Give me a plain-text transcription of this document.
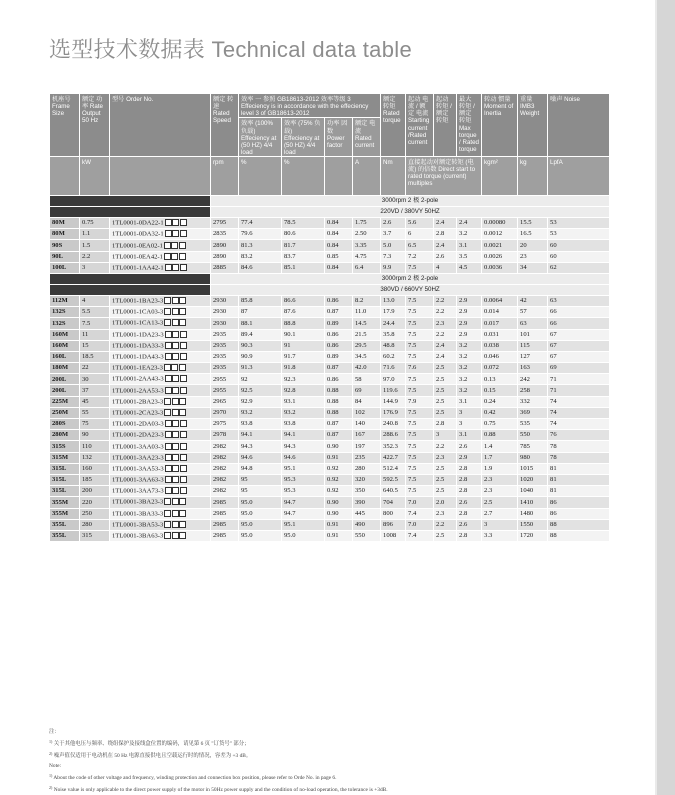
选型技术数据表 Technical data table
机座号 Frame Size	额定 功率 Rate Output 50 Hz	型号 Order No.	额定 转速 Rated Speed	效率 一 参照 GB18613-2012 效率等级 3 Effeciency is in accordance with the effeciency level 3 of GB18613-2012				额定 转矩 Rated torque	起动 电流 / 额定 电流 Starting current /Rated current	起动 转矩 / 额定 转矩	最大 转矩 / 额定 转矩 Max torque / Rated torque	转动 惯量 Moment of Inertia	重量 IMB3 Weight	噪声 Noise
				效率 (100% 负载) Effeciency at (50 HZ) 4/4 load	效率 (75% 负载) Effeciency at (50 HZ) 4/4 load	功率 因数 Power factor	额定 电流 Rated current							
	kW		rpm	%	%		A	Nm	直接起动对额定转矩 (电流) 的倍数 Direct start to rated torque (current) multiples			kgm²	kg	LpfA
			3000rpm 2 极 2-pole											
			220VD / 380VY 50HZ											
80M	0.75	1TL0001-0DA22-1	2795	77.4	78.5	0.84	1.75	2.6	5.6	2.4	2.4	0.00080	15.5	53
80M	1.1	1TL0001-0DA32-1	2835	79.6	80.6	0.84	2.50	3.7	6	2.8	3.2	0.0012	16.5	53
90S	1.5	1TL0001-0EA02-1	2890	81.3	81.7	0.84	3.35	5.0	6.5	2.4	3.1	0.0021	20	60
90L	2.2	1TL0001-0EA42-1	2890	83.2	83.7	0.85	4.75	7.3	7.2	2.6	3.5	0.0026	23	60
100L	3	1TL0001-1AA42-1	2885	84.6	85.1	0.84	6.4	9.9	7.5	4	4.5	0.0036	34	62
			3000rpm 2 极 2-pole											
			380VD / 660VY 50HZ											
112M	4	1TL0001-1BA23-3	2930	85.8	86.6	0.86	8.2	13.0	7.5	2.2	2.9	0.0064	42	63
132S	5.5	1TL0001-1CA03-3	2930	87	87.6	0.87	11.0	17.9	7.5	2.2	2.9	0.014	57	66
132S	7.5	1TL0001-1CA13-3	2930	88.1	88.8	0.89	14.5	24.4	7.5	2.3	2.9	0.017	63	66
160M	11	1TL0001-1DA23-3	2935	89.4	90.1	0.86	21.5	35.8	7.5	2.2	2.9	0.031	101	67
160M	15	1TL0001-1DA33-3	2935	90.3	91	0.86	29.5	48.8	7.5	2.4	3.2	0.038	115	67
160L	18.5	1TL0001-1DA43-3	2935	90.9	91.7	0.89	34.5	60.2	7.5	2.4	3.2	0.046	127	67
180M	22	1TL0001-1EA23-3	2935	91.3	91.8	0.87	42.0	71.6	7.6	2.5	3.2	0.072	163	69
200L	30	1TL0001-2AA43-3	2955	92	92.3	0.86	58	97.0	7.5	2.5	3.2	0.13	242	71
200L	37	1TL0001-2AA53-3	2955	92.5	92.8	0.88	69	119.6	7.5	2.5	3.2	0.15	258	71
225M	45	1TL0001-2BA23-3	2965	92.9	93.1	0.88	84	144.9	7.9	2.5	3.1	0.24	332	74
250M	55	1TL0001-2CA23-3	2970	93.2	93.2	0.88	102	176.9	7.5	2.5	3	0.42	369	74
280S	75	1TL0001-2DA03-3	2975	93.8	93.8	0.87	140	240.8	7.5	2.8	3	0.75	535	74
280M	90	1TL0001-2DA23-3	2978	94.1	94.1	0.87	167	288.6	7.5	3	3.1	0.88	550	76
315S	110	1TL0001-3AA03-3	2982	94.3	94.3	0.90	197	352.3	7.5	2.2	2.6	1.4	785	78
315M	132	1TL0001-3AA23-3	2982	94.6	94.6	0.91	235	422.7	7.5	2.3	2.9	1.7	980	78
315L	160	1TL0001-3AA53-3	2982	94.8	95.1	0.92	280	512.4	7.5	2.5	2.8	1.9	1015	81
315L	185	1TL0001-3AA63-3	2982	95	95.3	0.92	320	592.5	7.5	2.5	2.8	2.3	1020	81
315L	200	1TL0001-3AA73-3	2982	95	95.3	0.92	350	640.5	7.5	2.5	2.8	2.3	1040	81
355M	220	1TL0001-3BA23-3	2985	95.0	94.7	0.90	390	704	7.0	2.0	2.6	2.5	1410	86
355M	250	1TL0001-3BA33-3	2985	95.0	94.7	0.90	445	800	7.4	2.3	2.8	2.7	1480	86
355L	280	1TL0001-3BA53-3	2985	95.0	95.1	0.91	490	896	7.0	2.2	2.6	3	1550	88
355L	315	1TL0001-3BA63-3	2985	95.0	95.0	0.91	550	1008	7.4	2.5	2.8	3.3	1720	88
注：
$^{1)}$ 关于其他电压与频率、绕组保护及接线盒位置的编码，请见第 6 页 "订货号" 部分；
$^{2)}$ 噪声值仅适用于电动机在 50 Hz 电源直接供电且空载运行时的情况，容差为 +3 dB。
Note:
$^{1)}$ About the code of other voltage and frequency, winding protection and connection box position, please refer to Orde No. in page 6.
$^{2)}$ Noise value is only applicable to the direct power supply of the motor in 50Hz power supply and the condition of no-load operation, the tolerance is +3dB.
